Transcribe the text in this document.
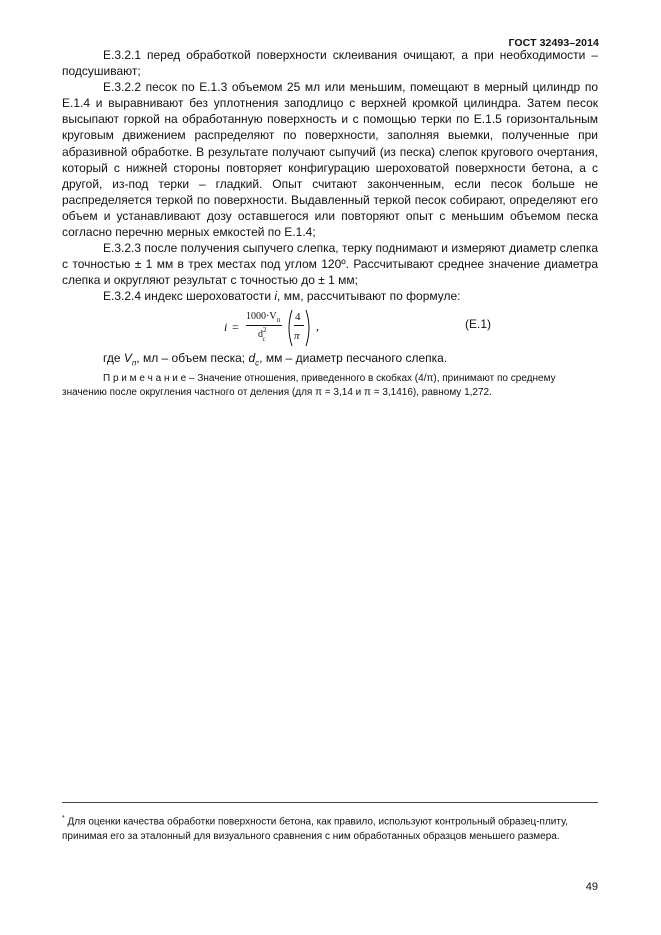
ГОСТ 32493–2014

Е.3.2.1 перед обработкой поверхности склеивания очищают, а при необходимости – подсушивают;

Е.3.2.2 песок по Е.1.3 объемом 25 мл или меньшим, помещают в мерный цилиндр по Е.1.4 и выравнивают без уплотнения заподлицо с верхней кромкой цилиндра. Затем песок высыпают горкой на обработанную поверхность и с помощью терки по Е.1.5 горизонтальным круговым движением распределяют по поверхности, заполняя выемки, полученные при абразивной обработке. В результате получают сыпучий (из песка) слепок кругового очертания, который с нижней стороны повторяет конфигурацию шероховатой поверхности бетона, а с другой, из-под терки – гладкий. Опыт считают законченным, если песок больше не распределяется теркой по поверхности. Выдавленный теркой песок собирают, определяют его объем и устанавливают дозу оставшегося или повторяют опыт с меньшим объемом песка согласно перечню мерных емкостей по Е.1.4;

Е.3.2.3 после получения сыпучего слепка, терку поднимают и измеряют диаметр слепка с точностью ± 1 мм в трех местах под углом 120º. Рассчитывают среднее значение диаметра слепка и округляют результат с точностью до ± 1 мм;

Е.3.2.4 индекс шероховатости i, мм, рассчитывают по формуле:

i =
$1000\cdot V_п$
$d^2_c$
4
π
,	(Е.1)

где $V_п$, мл – объем песка; $d_c$, мм – диаметр песчаного слепка.

П р и м е ч а н и е – Значение отношения, приведенного в скобках (4/π), принимают по среднему значению после округления частного от деления (для π = 3,14 и π = 3,1416), равному 1,272.
* Для оценки качества обработки поверхности бетона, как правило, используют контрольный образец-плиту, принимая его за эталонный для визуального сравнения с ним обработанных образцов меньшего размера.
49
